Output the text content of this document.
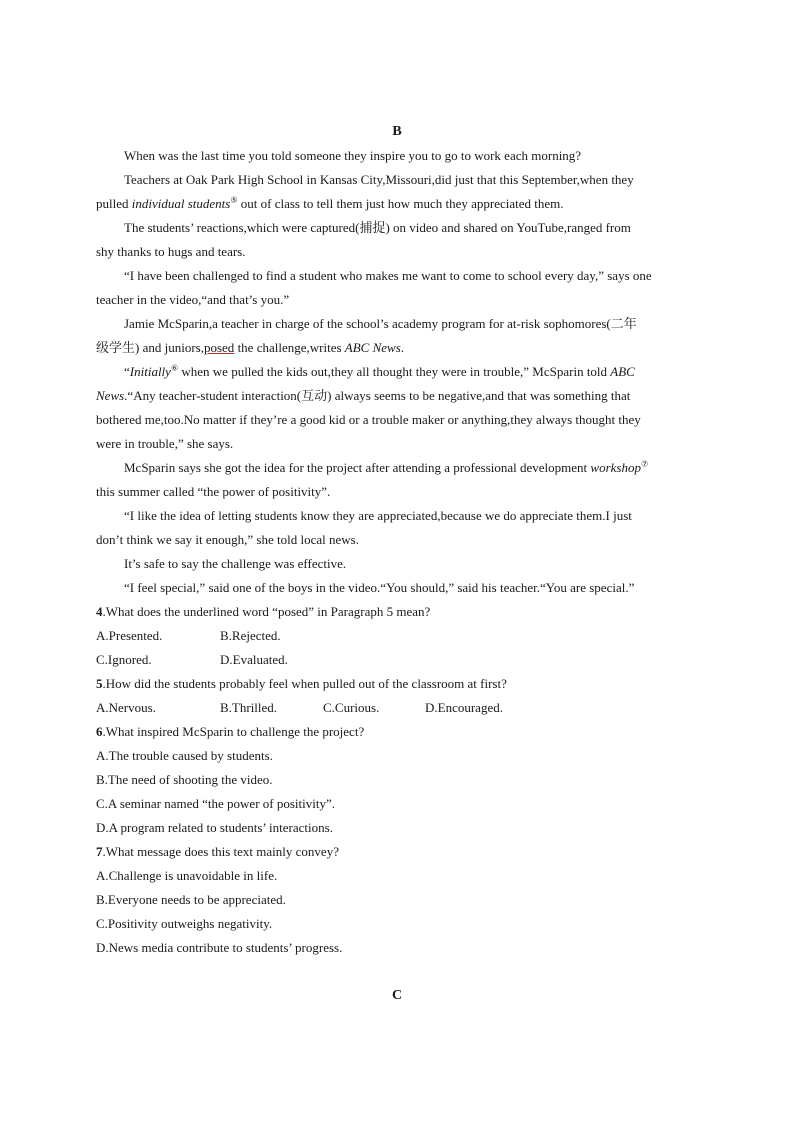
B
When was the last time you told someone they inspire you to go to work each morning?
Teachers at Oak Park High School in Kansas City,Missouri,did just that this September,when they
pulled individual students⑤ out of class to tell them just how much they appreciated them.
The students’ reactions,which were captured(捕捉) on video and shared on YouTube,ranged from
shy thanks to hugs and tears.
“I have been challenged to find a student who makes me want to come to school every day,” says one
teacher in the video,“and that’s you.”
Jamie McSparin,a teacher in charge of the school’s academy program for at-risk sophomores(二年
级学生) and juniors,posed the challenge,writes ABC News.
“Initially⑥ when we pulled the kids out,they all thought they were in trouble,” McSparin told ABC
News.“Any teacher-student interaction(互动) always seems to be negative,and that was something that
bothered me,too.No matter if they’re a good kid or a trouble maker or anything,they always thought they
were in trouble,” she says.
McSparin says she got the idea for the project after attending a professional development workshop⑦
this summer called “the power of positivity”.
“I like the idea of letting students know they are appreciated,because we do appreciate them.I just
don’t think we say it enough,” she told local news.
It’s safe to say the challenge was effective.
“I feel special,” said one of the boys in the video.“You should,” said his teacher.“You are special.”
4.What does the underlined word “posed” in Paragraph 5 mean?
A.Presented.	B.Rejected.
C.Ignored.	D.Evaluated.
5.How did the students probably feel when pulled out of the classroom at first?
A.Nervous.	B.Thrilled.	C.Curious.	D.Encouraged.
6.What inspired McSparin to challenge the project?
A.The trouble caused by students.
B.The need of shooting the video.
C.A seminar named “the power of positivity”.
D.A program related to students’ interactions.
7.What message does this text mainly convey?
A.Challenge is unavoidable in life.
B.Everyone needs to be appreciated.
C.Positivity outweighs negativity.
D.News media contribute to students’ progress.
C
